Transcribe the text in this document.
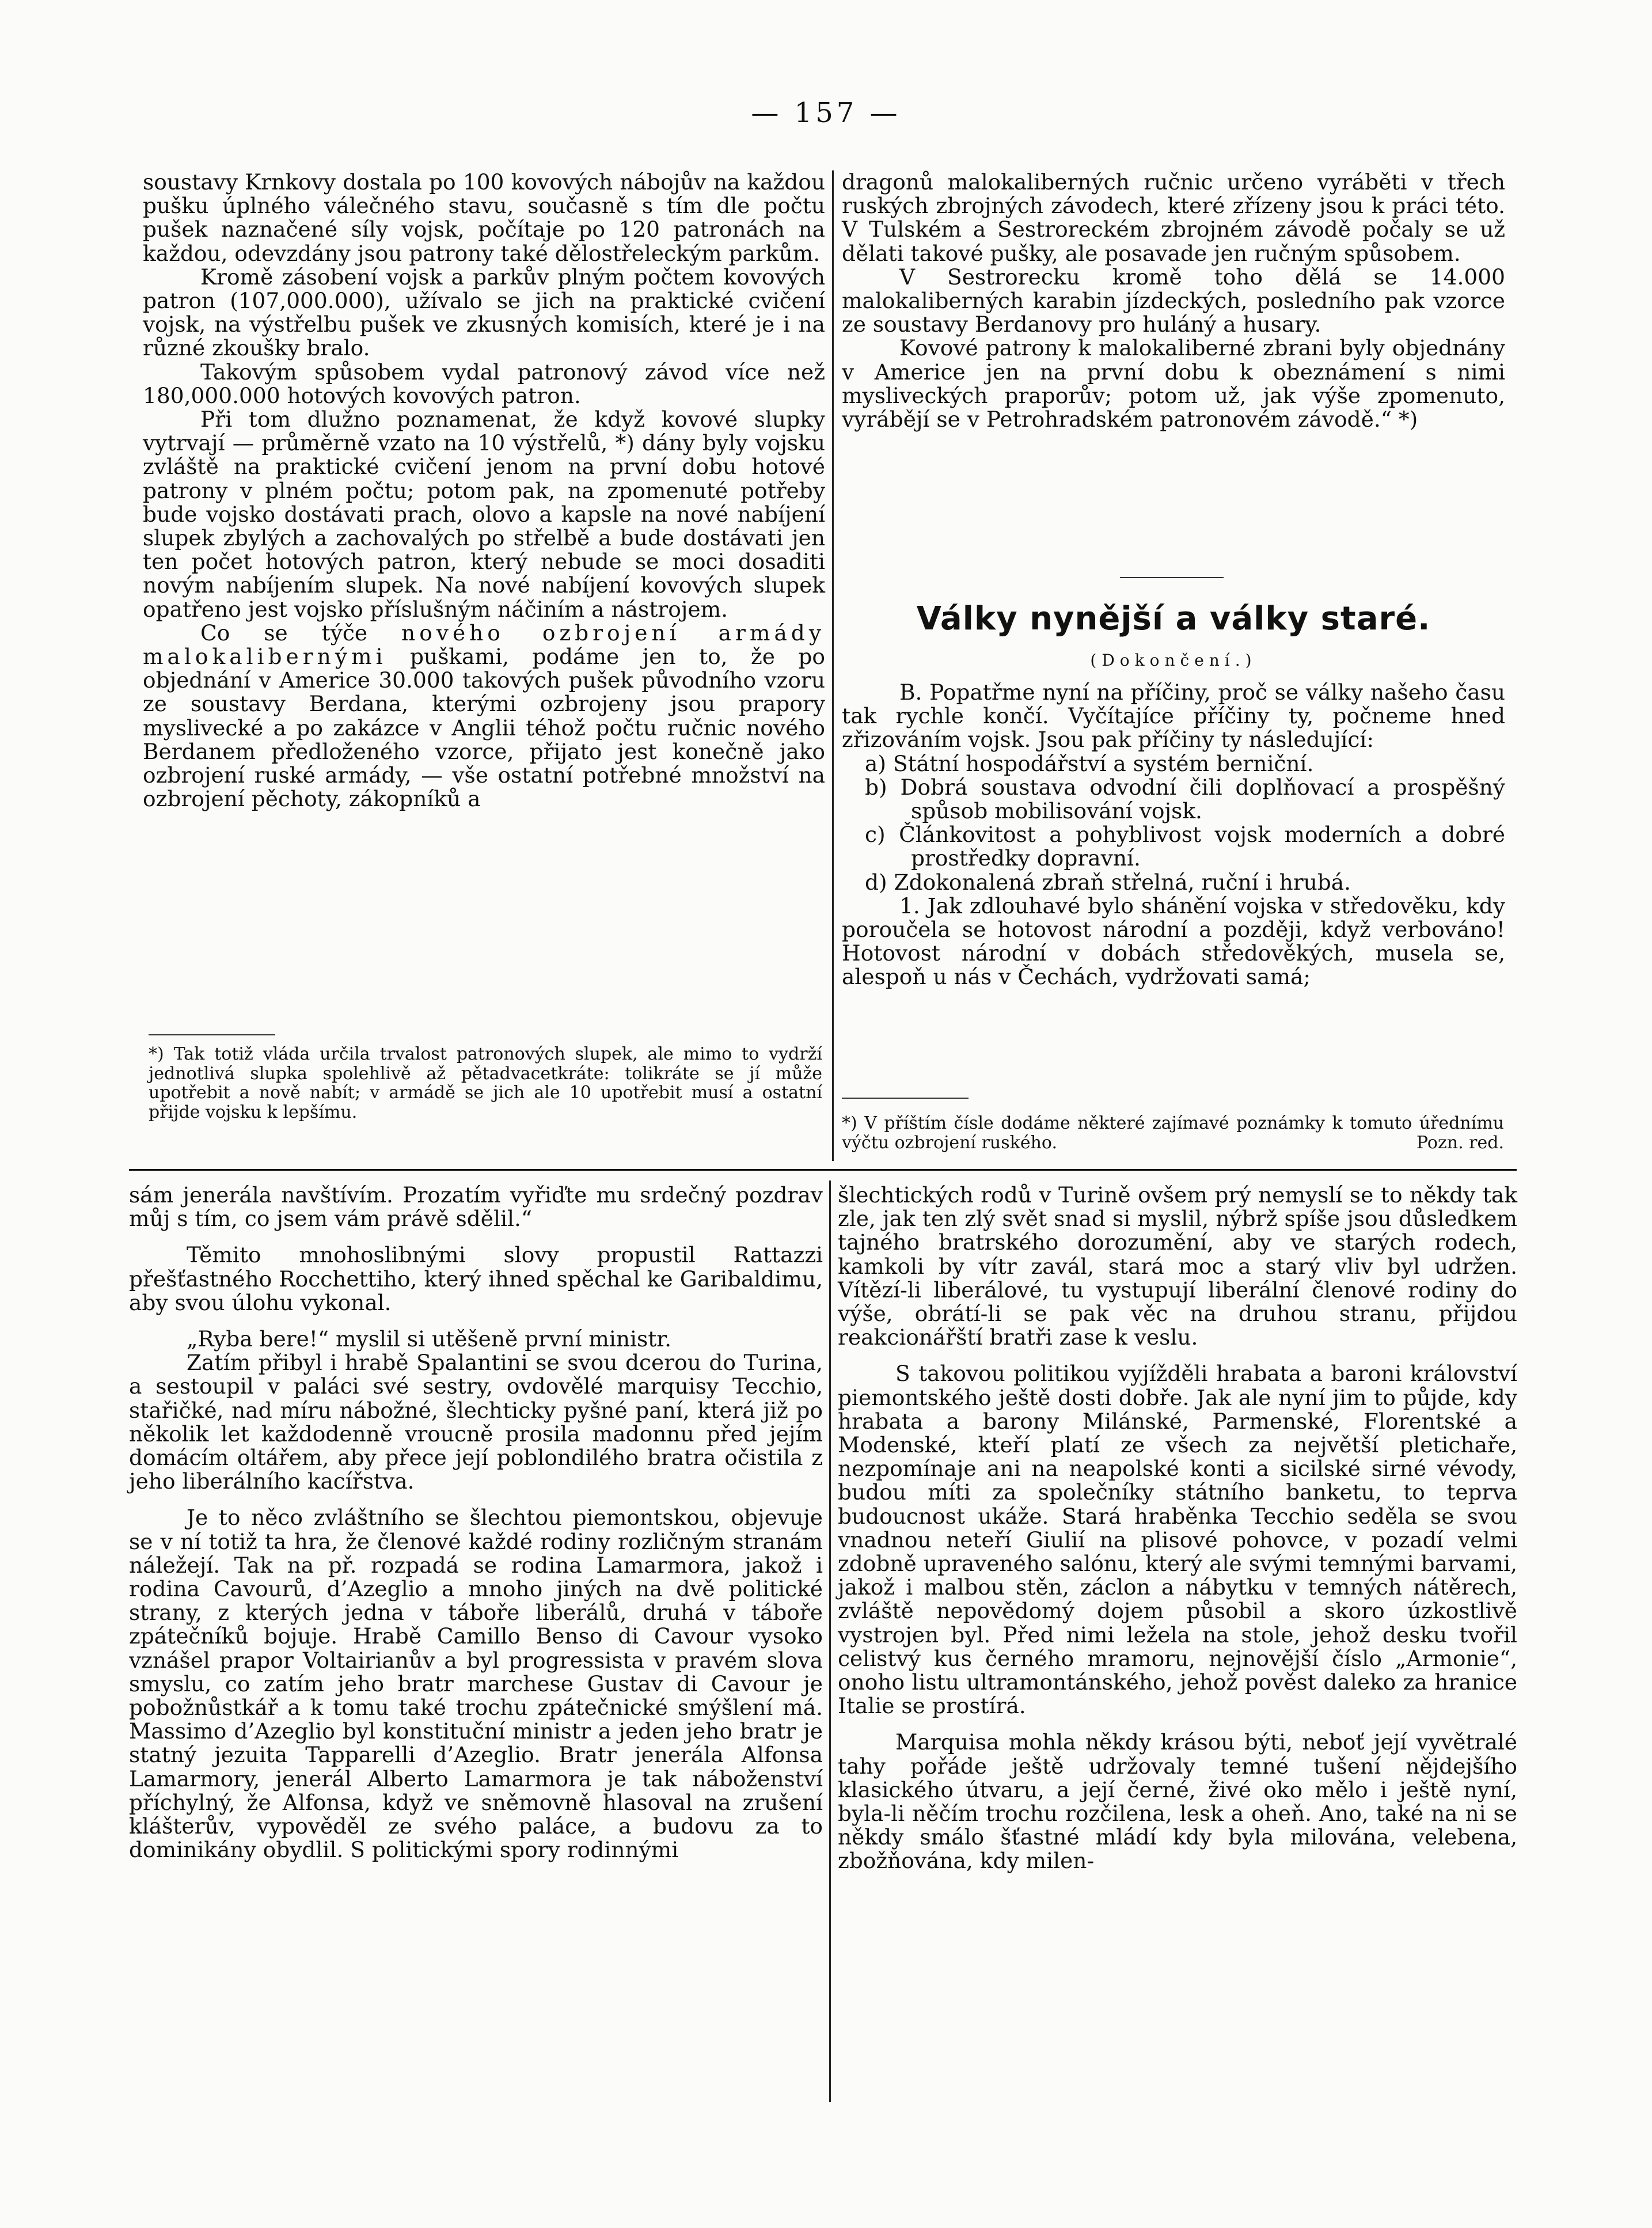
— 157 —

soustavy Krnkovy dostala po 100 kovových nábojův na každou pušku úplného válečného stavu, současně s tím dle počtu pušek naznačené síly vojsk, počítaje po 120 patronách na každou, odevzdány jsou patrony také dělostřeleckým parkům.

Kromě zásobení vojsk a parkův plným počtem kovových patron (107,000.000), užívalo se jich na praktické cvičení vojsk, na výstřelbu pušek ve zkusných komisích, které je i na různé zkoušky bralo.

Takovým spůsobem vydal patronový závod více než 180,000.000 hotových kovových patron.

Při tom dlužno poznamenat, že když kovové slupky vytrvají — průměrně vzato na 10 výstřelů, *) dány byly vojsku zvláště na praktické cvičení jenom na první dobu hotové patrony v plném počtu; potom pak, na zpomenuté potřeby bude vojsko dostávati prach, olovo a kapsle na nové nabíjení slupek zbylých a zachovalých po střelbě a bude dostávati jen ten počet hotových patron, který nebude se moci dosaditi novým nabíjením slupek. Na nové nabíjení kovových slupek opatřeno jest vojsko příslušným náčiním a nástrojem.

Co se týče nového ozbrojení armády malokalibernými puškami, podáme jen to, že po objednání v Americe 30.000 takových pušek původního vzoru ze soustavy Berdana, kterými ozbrojeny jsou prapory myslivecké a po zakázce v Anglii téhož počtu ručnic nového Berdanem předloženého vzorce, přijato jest konečně jako ozbrojení ruské armády, — vše ostatní potřebné množství na ozbrojení pěchoty, zákopníků a

*) Tak totiž vláda určila trvalost patronových slupek, ale mimo to vydrží jednotlivá slupka spolehlivě až pětadvacetkráte: tolikráte se jí může upotřebit a nově nabít; v armádě se jich ale 10 upotřebit musí a ostatní přijde vojsku k lepšímu.

dragonů malokaliberných ručnic určeno vyráběti v třech ruských zbrojných závodech, které zřízeny jsou k práci této. V Tulském a Sestroreckém zbrojném závodě počaly se už dělati takové pušky, ale posavade jen ručným spůsobem.

V Sestrorecku kromě toho dělá se 14.000 malokaliberných karabin jízdeckých, posledního pak vzorce ze soustavy Berdanovy pro huláný a husary.

Kovové patrony k malokaliberné zbrani byly objednány v Americe jen na první dobu k obeznámení s nimi mysliveckých praporův; potom už, jak výše zpomenuto, vyrábějí se v Petrohradském patronovém závodě.“ *)

Války nynější a války staré.
(Dokončení.)

B. Popatřme nyní na příčiny, proč se války našeho času tak rychle končí. Vyčítajíce příčiny ty, počneme hned zřizováním vojsk. Jsou pak příčiny ty následující:

a) Státní hospodářství a systém berniční.

b) Dobrá soustava odvodní čili doplňovací a prospěšný spůsob mobilisování vojsk.

c) Článkovitost a pohyblivost vojsk moderních a dobré prostředky dopravní.

d) Zdokonalená zbraň střelná, ruční i hrubá.

1. Jak zdlouhavé bylo shánění vojska v středověku, kdy poroučela se hotovost národní a později, když verbováno! Hotovost národní v dobách středověkých, musela se, alespoň u nás v Čechách, vydržovati samá;

*) V příštím čísle dodáme některé zajímavé poznámky k tomuto úřednímu výčtu ozbrojení ruského.	Pozn. red.

sám jenerála navštívím. Prozatím vyřiďte mu srdečný pozdrav můj s tím, co jsem vám právě sdělil.“

Těmito mnohoslibnými slovy propustil Rattazzi přešťastného Rocchettiho, který ihned spěchal ke Garibaldimu, aby svou úlohu vykonal.

„Ryba bere!“ myslil si utěšeně první ministr.

Zatím přibyl i hrabě Spalantini se svou dcerou do Turina, a sestoupil v paláci své sestry, ovdovělé marquisy Tecchio, stařičké, nad míru nábožné, šlechticky pyšné paní, která již po několik let každodenně vroucně prosila madonnu před jejím domácím oltářem, aby přece její poblondilého bratra očistila z jeho liberálního kacířstva.

Je to něco zvláštního se šlechtou piemontskou, objevuje se v ní totiž ta hra, že členové každé rodiny rozličným stranám náležejí. Tak na př. rozpadá se rodina Lamarmora, jakož i rodina Cavourů, d’Azeglio a mnoho jiných na dvě politické strany, z kterých jedna v táboře liberálů, druhá v táboře zpátečníků bojuje. Hrabě Camillo Benso di Cavour vysoko vznášel prapor Voltairianův a byl progressista v pravém slova smyslu, co zatím jeho bratr marchese Gustav di Cavour je pobožnůstkář a k tomu také trochu zpátečnické smýšlení má. Massimo d’Azeglio byl konstituční ministr a jeden jeho bratr je statný jezuita Tapparelli d’Azeglio. Bratr jenerála Alfonsa Lamarmory, jenerál Alberto Lamarmora je tak náboženství příchylný, že Alfonsa, když ve sněmovně hlasoval na zrušení klášterův, vypověděl ze svého paláce, a budovu za to dominikány obydlil. S politickými spory rodinnými

šlechtických rodů v Turině ovšem prý nemyslí se to někdy tak zle, jak ten zlý svět snad si myslil, nýbrž spíše jsou důsledkem tajného bratrského dorozumění, aby ve starých rodech, kamkoli by vítr zavál, stará moc a starý vliv byl udržen. Vítězí-li liberálové, tu vystupují liberální členové rodiny do výše, obrátí-li se pak věc na druhou stranu, přijdou reakcionářští bratři zase k veslu.

S takovou politikou vyjížděli hrabata a baroni království piemontského ještě dosti dobře. Jak ale nyní jim to půjde, kdy hrabata a barony Milánské, Parmenské, Florentské a Modenské, kteří platí ze všech za největší pletichaře, nezpomínaje ani na neapolské konti a sicilské sirné vévody, budou míti za společníky státního banketu, to teprva budoucnost ukáže. Stará hraběnka Tecchio seděla se svou vnadnou neteří Giulií na plisové pohovce, v pozadí velmi zdobně upraveného salónu, který ale svými temnými barvami, jakož i malbou stěn, záclon a nábytku v temných nátěrech, zvláště nepovědomý dojem působil a skoro úzkostlivě vystrojen byl. Před nimi ležela na stole, jehož desku tvořil celistvý kus černého mramoru, nejnovější číslo „Armonie“, onoho listu ultramontánského, jehož pověst daleko za hranice Italie se prostírá.

Marquisa mohla někdy krásou býti, neboť její vyvětralé tahy pořáde ještě udržovaly temné tušení nějdejšího klasického útvaru, a její černé, živé oko mělo i ještě nyní, byla-li něčím trochu rozčilena, lesk a oheň. Ano, také na ni se někdy smálo šťastné mládí kdy byla milována, velebena, zbožňována, kdy milen-
